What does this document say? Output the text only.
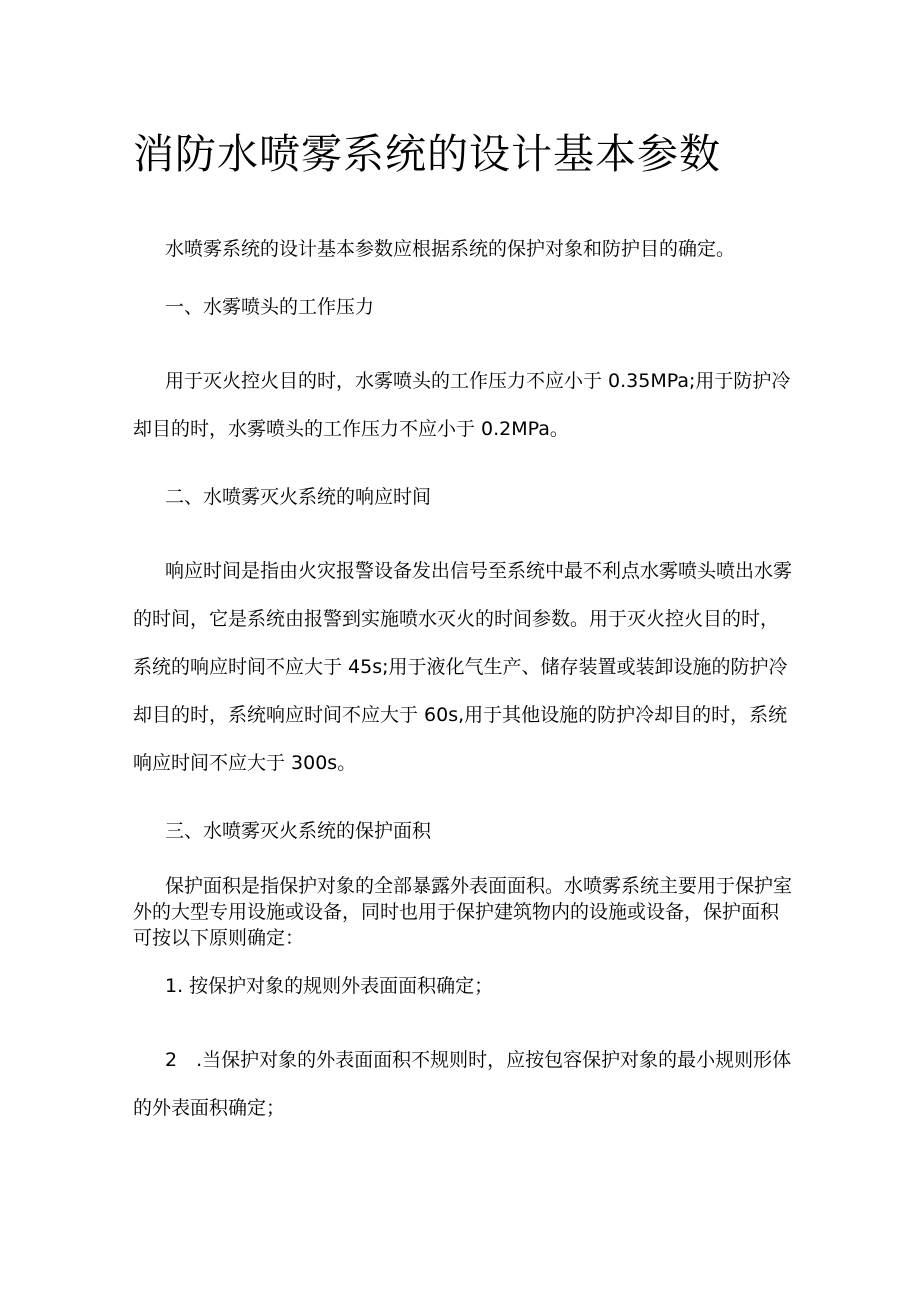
消防水喷雾系统的设计基本参数

水喷雾系统的设计基本参数应根据系统的保护对象和防护目的确定。

一、水雾喷头的工作压力

用于灭火控火目的时，水雾喷头的工作压力不应小于 0.35MPa;用于防护冷却目的时，水雾喷头的工作压力不应小于 0.2MPa。

二、水喷雾灭火系统的响应时间

响应时间是指由火灾报警设备发出信号至系统中最不利点水雾喷头喷出水雾的时间，它是系统由报警到实施喷水灭火的时间参数。用于灭火控火目的时，系统的响应时间不应大于 45s;用于液化气生产、储存装置或装卸设施的防护冷却目的时，系统响应时间不应大于 60s,用于其他设施的防护冷却目的时，系统响应时间不应大于 300s。

三、水喷雾灭火系统的保护面积

保护面积是指保护对象的全部暴露外表面面积。水喷雾系统主要用于保护室外的大型专用设施或设备，同时也用于保护建筑物内的设施或设备，保护面积可按以下原则确定：

1. 按保护对象的规则外表面面积确定；

2　.当保护对象的外表面面积不规则时，应按包容保护对象的最小规则形体的外表面积确定；
